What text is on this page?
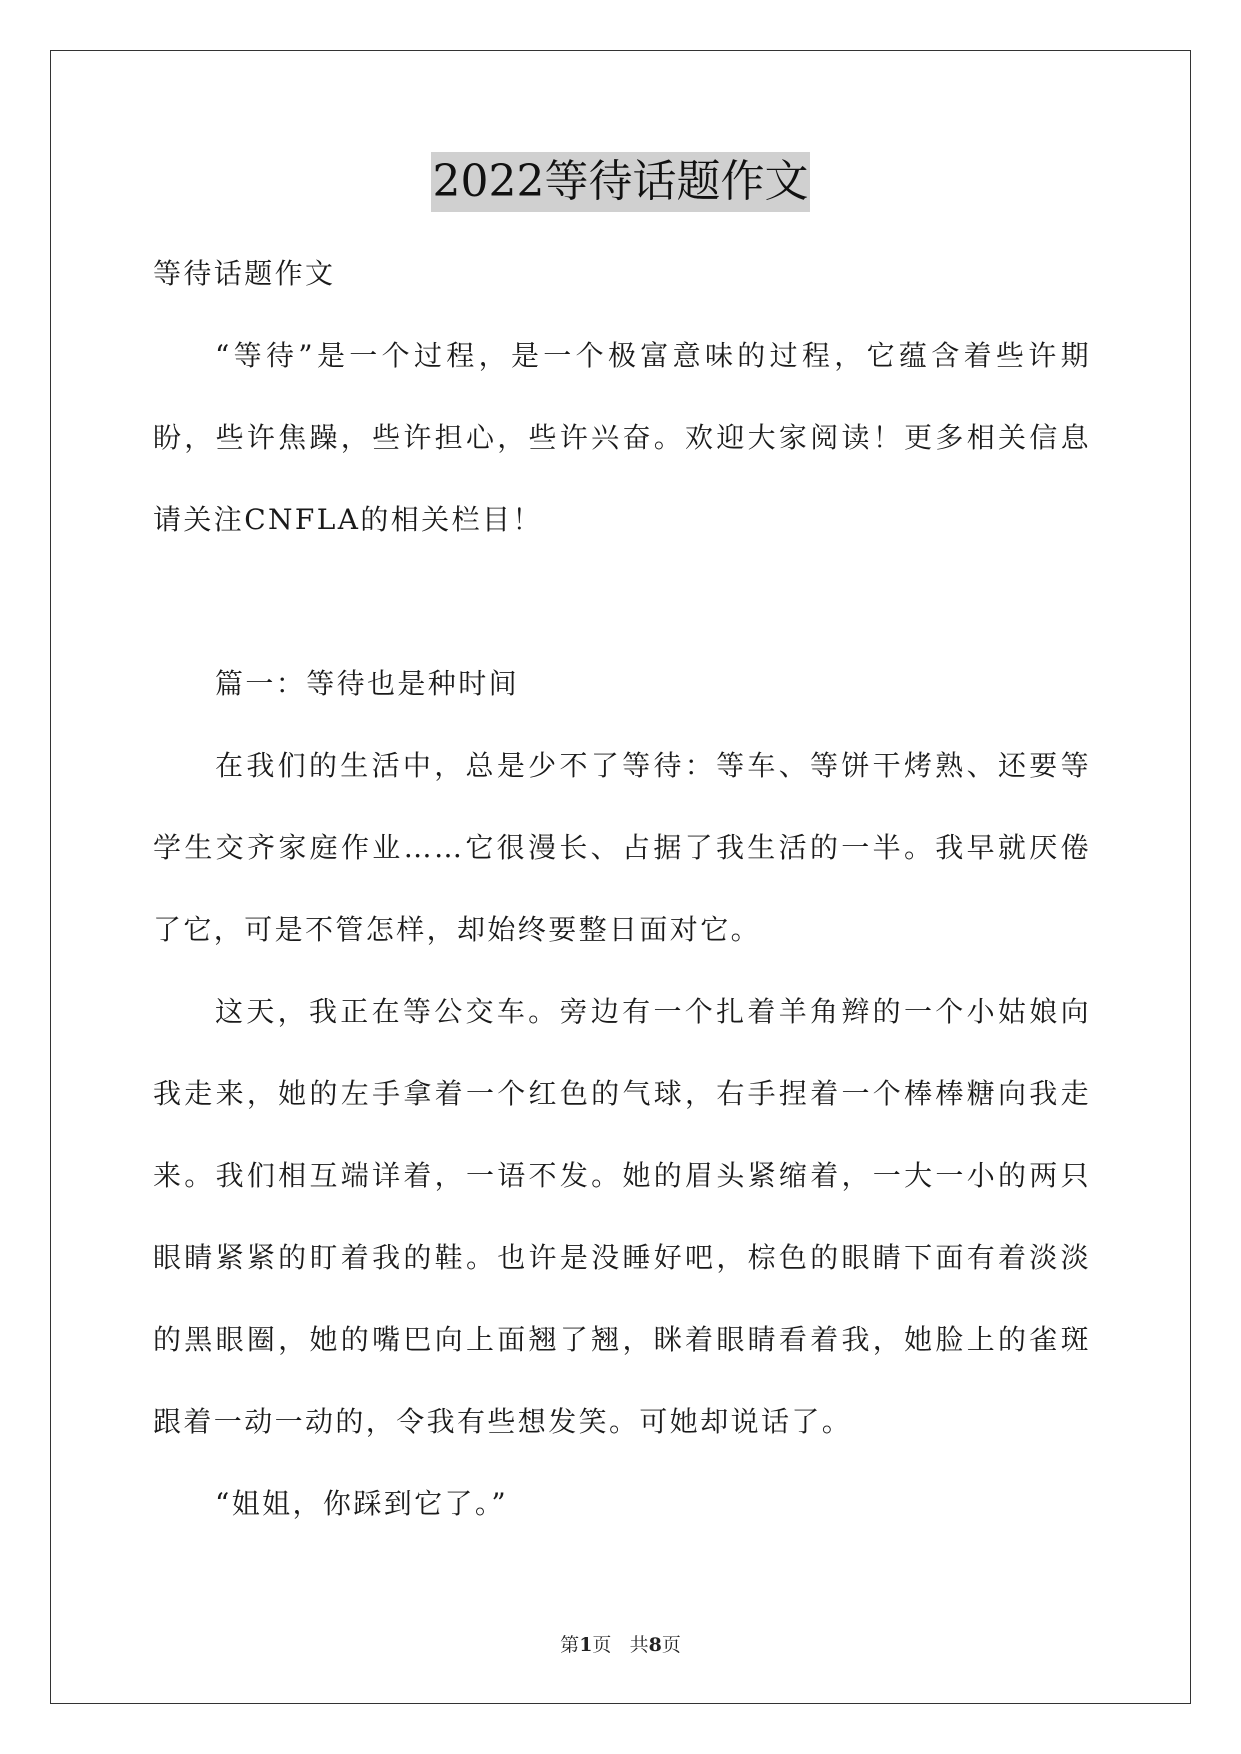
2022等待话题作文

等待话题作文

“等待”是一个过程，是一个极富意味的过程，它蕴含着些许期盼，些许焦躁，些许担心，些许兴奋。欢迎大家阅读！更多相关信息请关注CNFLA的相关栏目！

篇一：等待也是种时间

在我们的生活中，总是少不了等待：等车、等饼干烤熟、还要等学生交齐家庭作业……它很漫长、占据了我生活的一半。我早就厌倦了它，可是不管怎样，却始终要整日面对它。

这天，我正在等公交车。旁边有一个扎着羊角辫的一个小姑娘向我走来，她的左手拿着一个红色的气球，右手捏着一个棒棒糖向我走来。我们相互端详着，一语不发。她的眉头紧缩着，一大一小的两只眼睛紧紧的盯着我的鞋。也许是没睡好吧，棕色的眼睛下面有着淡淡的黑眼圈，她的嘴巴向上面翘了翘，眯着眼睛看着我，她脸上的雀斑跟着一动一动的，令我有些想发笑。可她却说话了。

“姐姐，你踩到它了。”

第1页 共8页
